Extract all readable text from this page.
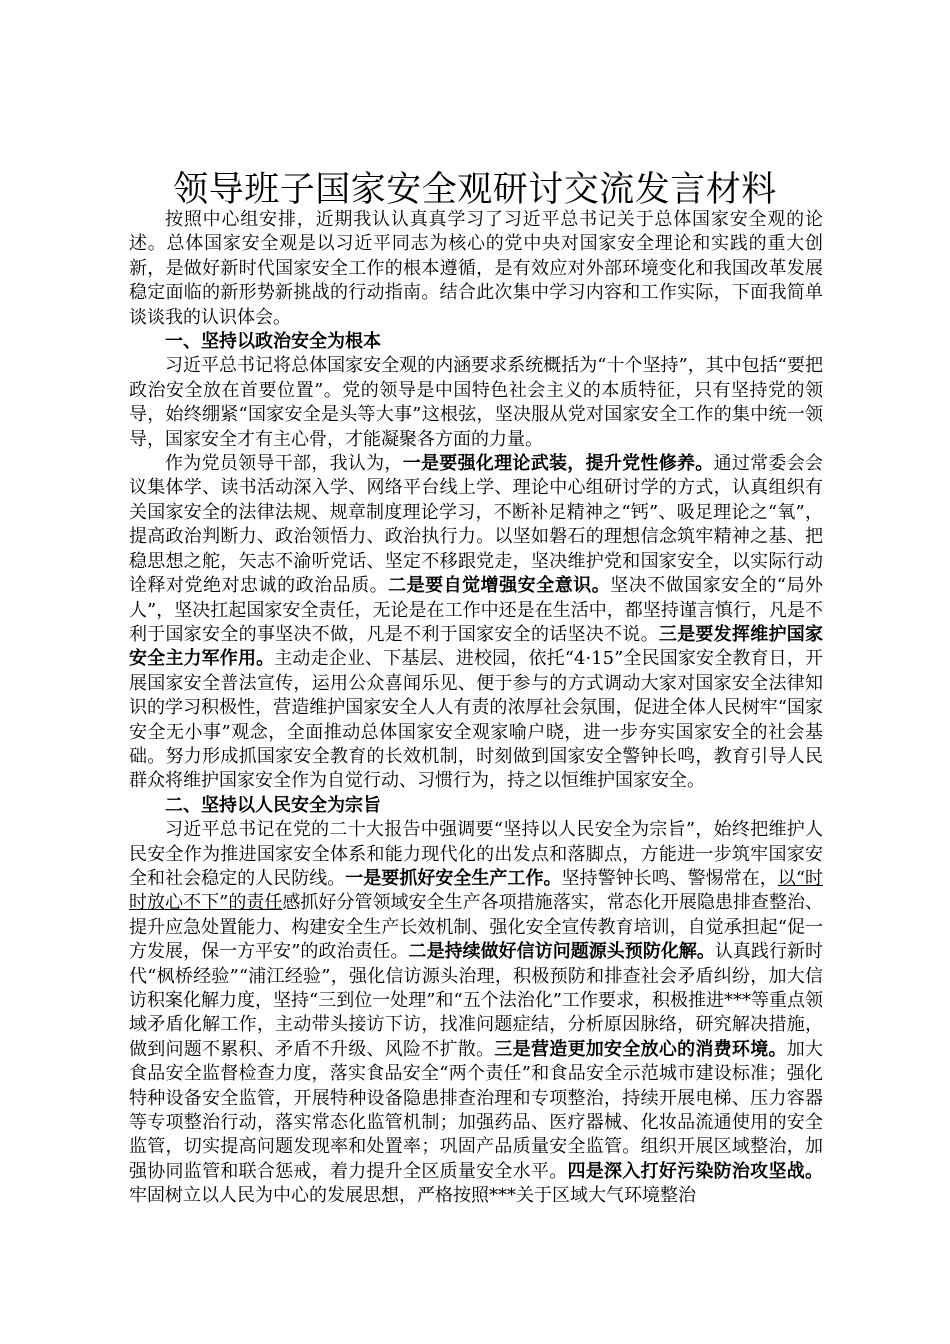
领导班子国家安全观研讨交流发言材料

按照中心组安排，近期我认认真真学习了习近平总书记关于总体国家安全观的论述。总体国家安全观是以习近平同志为核心的党中央对国家安全理论和实践的重大创新，是做好新时代国家安全工作的根本遵循，是有效应对外部环境变化和我国改革发展稳定面临的新形势新挑战的行动指南。结合此次集中学习内容和工作实际，下面我简单谈谈我的认识体会。

一、坚持以政治安全为根本

习近平总书记将总体国家安全观的内涵要求系统概括为“十个坚持”，其中包括“要把政治安全放在首要位置”。党的领导是中国特色社会主义的本质特征，只有坚持党的领导，始终绷紧“国家安全是头等大事”这根弦，坚决服从党对国家安全工作的集中统一领导，国家安全才有主心骨，才能凝聚各方面的力量。

作为党员领导干部，我认为，一是要强化理论武装，提升党性修养。通过常委会会议集体学、读书活动深入学、网络平台线上学、理论中心组研讨学的方式，认真组织有关国家安全的法律法规、规章制度理论学习，不断补足精神之“钙”、吸足理论之“氧”，提高政治判断力、政治领悟力、政治执行力。以坚如磐石的理想信念筑牢精神之基、把稳思想之舵，矢志不渝听党话、坚定不移跟党走，坚决维护党和国家安全，以实际行动诠释对党绝对忠诚的政治品质。二是要自觉增强安全意识。坚决不做国家安全的“局外人”，坚决扛起国家安全责任，无论是在工作中还是在生活中，都坚持谨言慎行，凡是不利于国家安全的事坚决不做，凡是不利于国家安全的话坚决不说。三是要发挥维护国家安全主力军作用。主动走企业、下基层、进校园，依托“4·15”全民国家安全教育日，开展国家安全普法宣传，运用公众喜闻乐见、便于参与的方式调动大家对国家安全法律知识的学习积极性，营造维护国家安全人人有责的浓厚社会氛围，促进全体人民树牢“国家安全无小事”观念，全面推动总体国家安全观家喻户晓，进一步夯实国家安全的社会基础。努力形成抓国家安全教育的长效机制，时刻做到国家安全警钟长鸣，教育引导人民群众将维护国家安全作为自觉行动、习惯行为，持之以恒维护国家安全。

二、坚持以人民安全为宗旨

习近平总书记在党的二十大报告中强调要“坚持以人民安全为宗旨”，始终把维护人民安全作为推进国家安全体系和能力现代化的出发点和落脚点，方能进一步筑牢国家安全和社会稳定的人民防线。一是要抓好安全生产工作。坚持警钟长鸣、警惕常在，以“时时放心不下”的责任感抓好分管领域安全生产各项措施落实，常态化开展隐患排查整治、提升应急处置能力、构建安全生产长效机制、强化安全宣传教育培训，自觉承担起“促一方发展，保一方平安”的政治责任。二是持续做好信访问题源头预防化解。认真践行新时代“枫桥经验”“浦江经验”，强化信访源头治理，积极预防和排查社会矛盾纠纷，加大信访积案化解力度，坚持“三到位一处理”和“五个法治化”工作要求，积极推进***等重点领域矛盾化解工作，主动带头接访下访，找准问题症结，分析原因脉络，研究解决措施，做到问题不累积、矛盾不升级、风险不扩散。三是营造更加安全放心的消费环境。加大食品安全监督检查力度，落实食品安全“两个责任”和食品安全示范城市建设标准；强化特种设备安全监管，开展特种设备隐患排查治理和专项整治，持续开展电梯、压力容器等专项整治行动，落实常态化监管机制；加强药品、医疗器械、化妆品流通使用的安全监管，切实提高问题发现率和处置率；巩固产品质量安全监管。组织开展区域整治，加强协同监管和联合惩戒，着力提升全区质量安全水平。四是深入打好污染防治攻坚战。牢固树立以人民为中心的发展思想，严格按照***关于区域大气环境整治
